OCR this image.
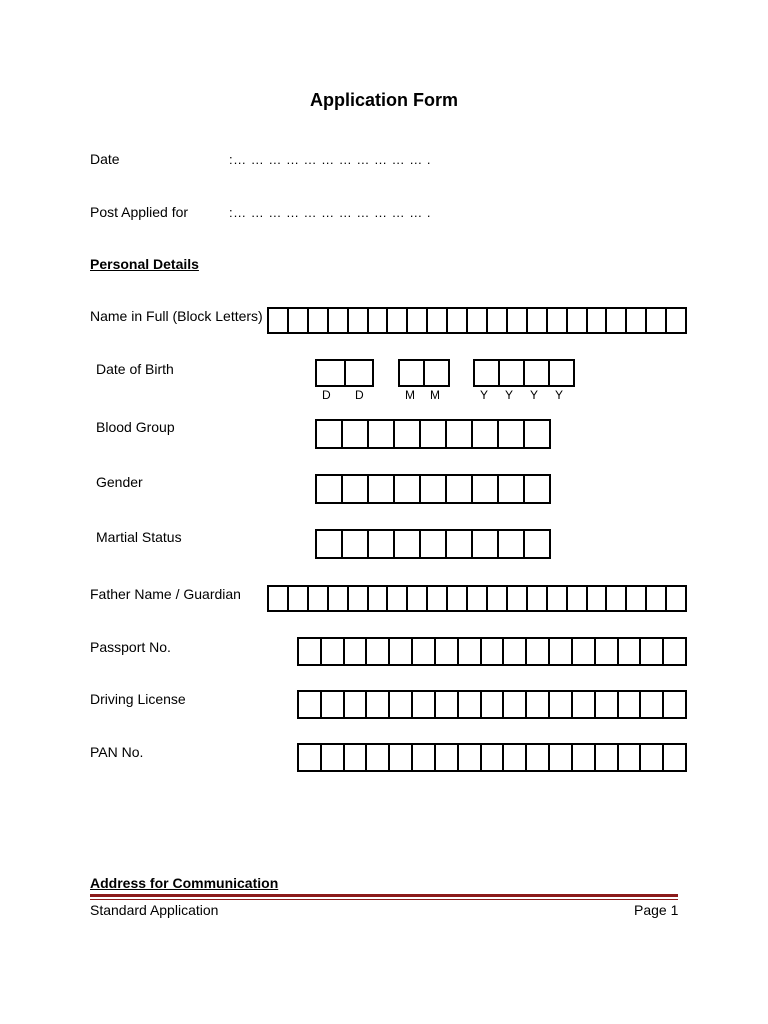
Application Form
Date	:… … … … … … … … … … … .
Post Applied for	:… … … … … … … … … … … .
Personal Details
Name in Full (Block Letters)
Date of Birth
D D	M M	Y Y Y Y
Blood Group
Gender
Martial Status
Father Name / Guardian
Passport No.
Driving License
PAN No.
Address for Communication
Standard Application	Page 1
